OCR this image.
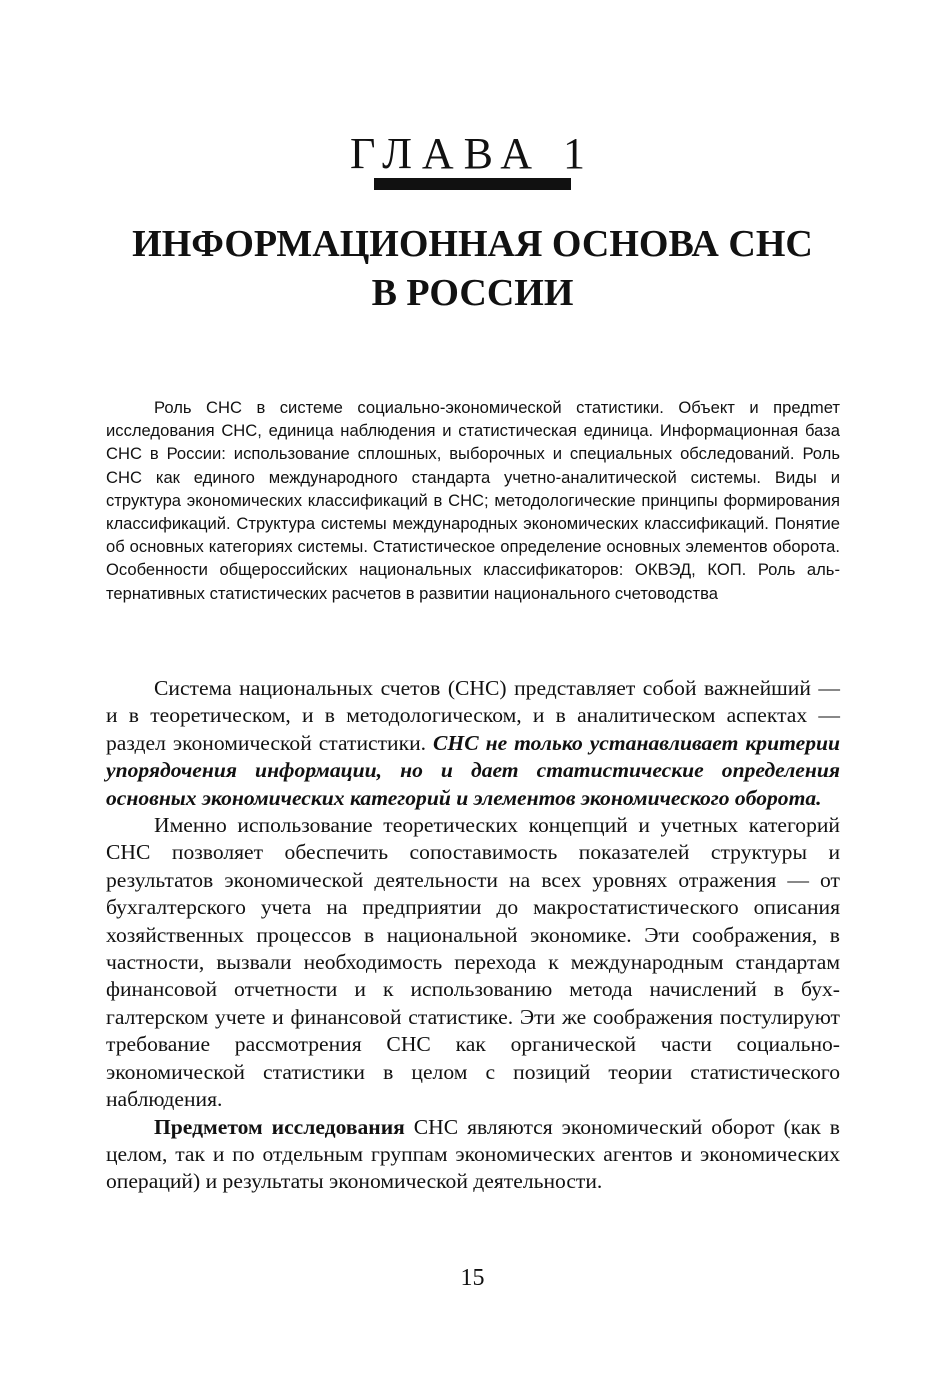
ГЛАВА 1
ИНФОРМАЦИОННАЯ ОСНОВА СНС
В РОССИИ

Роль СНС в системе социально-экономической статистики. Объект и предmет исследования СНС, единица наблюдения и статистическая единица. Информационная база СНС в России: использование сплошных, выборочных и специальных обследований. Роль СНС как единого международного стандарта учетно-аналитической системы. Виды и структура экономических классификаций в СНС; методологические принципы формирования классификаций. Структура системы международных экономических классификаций. Понятие об основных категориях системы. Статистическое определение основных элементов оборота. Особенности общероссийских национальных классификаторов: ОКВЭД, КОП. Роль альтернативных статистических расчетов в развитии национального счетоводства

Система национальных счетов (СНС) представляет собой важнейший — и в теоретическом, и в методологическом, и в аналитическом аспектах — раздел экономической статистики. СНС не только устанавливает критерии упорядочения информации, но и дает статистические определения основных экономических категорий и элементов экономического оборота.

Именно использование теоретических концепций и учетных категорий СНС позволяет обеспечить сопоставимость показателей структуры и результатов экономической деятельности на всех уровнях отражения — от бухгалтерского учета на предприятии до макростатистического описания хозяйственных процессов в национальной экономике. Эти соображения, в частности, вызвали необходимость перехода к международным стандартам финансовой отчетности и к использованию метода начислений в бухгалтерском учете и финансовой статистике. Эти же соображения постулируют требование рассмотрения СНС как органической части социально-экономической статистики в целом с позиций теории статистического наблюдения.

Предметом исследования СНС являются экономический оборот (как в целом, так и по отдельным группам экономических агентов и экономических операций) и результаты экономической деятельности.

15
